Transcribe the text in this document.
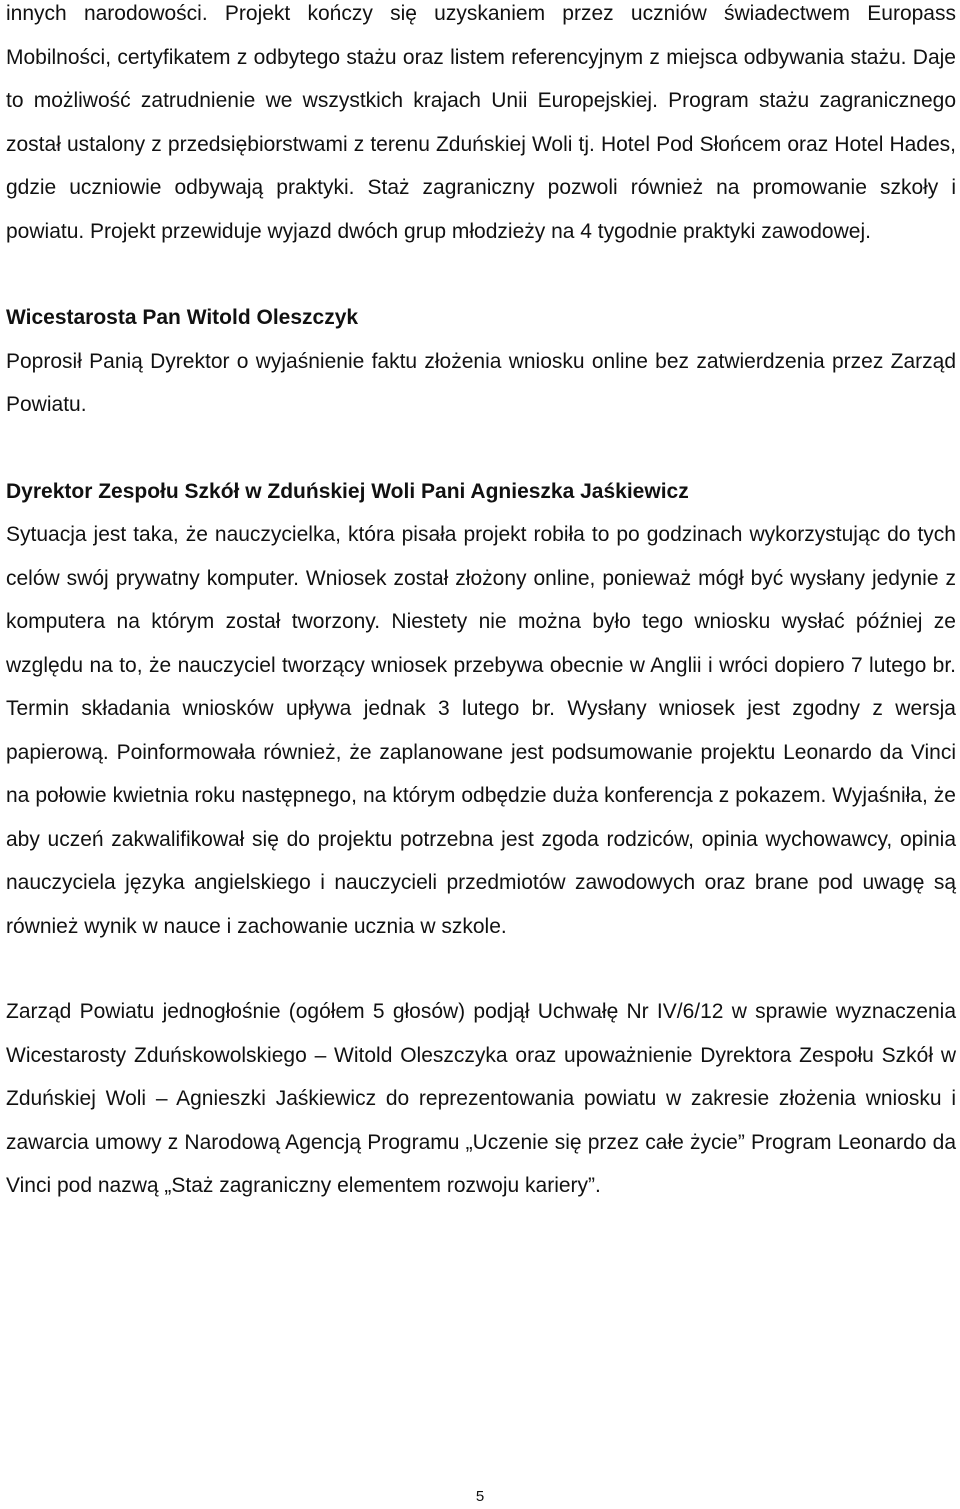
innych narodowości. Projekt kończy się uzyskaniem przez uczniów świadectwem Europass Mobilności, certyfikatem z odbytego stażu oraz listem referencyjnym z miejsca odbywania stażu. Daje to możliwość zatrudnienie we wszystkich krajach Unii Europejskiej. Program stażu zagranicznego został ustalony z przedsiębiorstwami z terenu Zduńskiej Woli tj. Hotel Pod Słońcem oraz Hotel Hades, gdzie uczniowie odbywają praktyki. Staż zagraniczny pozwoli również na promowanie szkoły i powiatu. Projekt przewiduje wyjazd dwóch grup młodzieży na 4 tygodnie praktyki zawodowej.

Wicestarosta Pan Witold Oleszczyk

Poprosił Panią Dyrektor o wyjaśnienie faktu złożenia wniosku online bez zatwierdzenia przez Zarząd Powiatu.

Dyrektor Zespołu Szkół w Zduńskiej Woli Pani Agnieszka Jaśkiewicz

Sytuacja jest taka, że nauczycielka, która pisała projekt robiła to po godzinach wykorzystując do tych celów swój prywatny komputer. Wniosek został złożony online, ponieważ mógł być wysłany jedynie z komputera na którym został tworzony. Niestety nie można było tego wniosku wysłać później ze względu na to, że nauczyciel tworzący wniosek przebywa obecnie w Anglii i wróci dopiero 7 lutego br. Termin składania wniosków upływa jednak 3 lutego br. Wysłany wniosek jest zgodny z wersja papierową. Poinformowała również, że zaplanowane jest podsumowanie projektu Leonardo da Vinci na połowie kwietnia roku następnego, na którym odbędzie duża konferencja z pokazem. Wyjaśniła, że aby uczeń zakwalifikował się do projektu potrzebna jest zgoda rodziców, opinia wychowawcy, opinia nauczyciela języka angielskiego i nauczycieli przedmiotów zawodowych oraz brane pod uwagę są również wynik w nauce i zachowanie ucznia w szkole.

Zarząd Powiatu jednogłośnie (ogółem 5 głosów) podjął Uchwałę Nr IV/6/12 w sprawie wyznaczenia Wicestarosty Zduńskowolskiego – Witold Oleszczyka oraz upoważnienie Dyrektora Zespołu Szkół w Zduńskiej Woli – Agnieszki Jaśkiewicz do reprezentowania powiatu w zakresie złożenia wniosku i zawarcia umowy z Narodową Agencją Programu „Uczenie się przez całe życie” Program Leonardo da Vinci pod nazwą „Staż zagraniczny elementem rozwoju kariery”.

5
